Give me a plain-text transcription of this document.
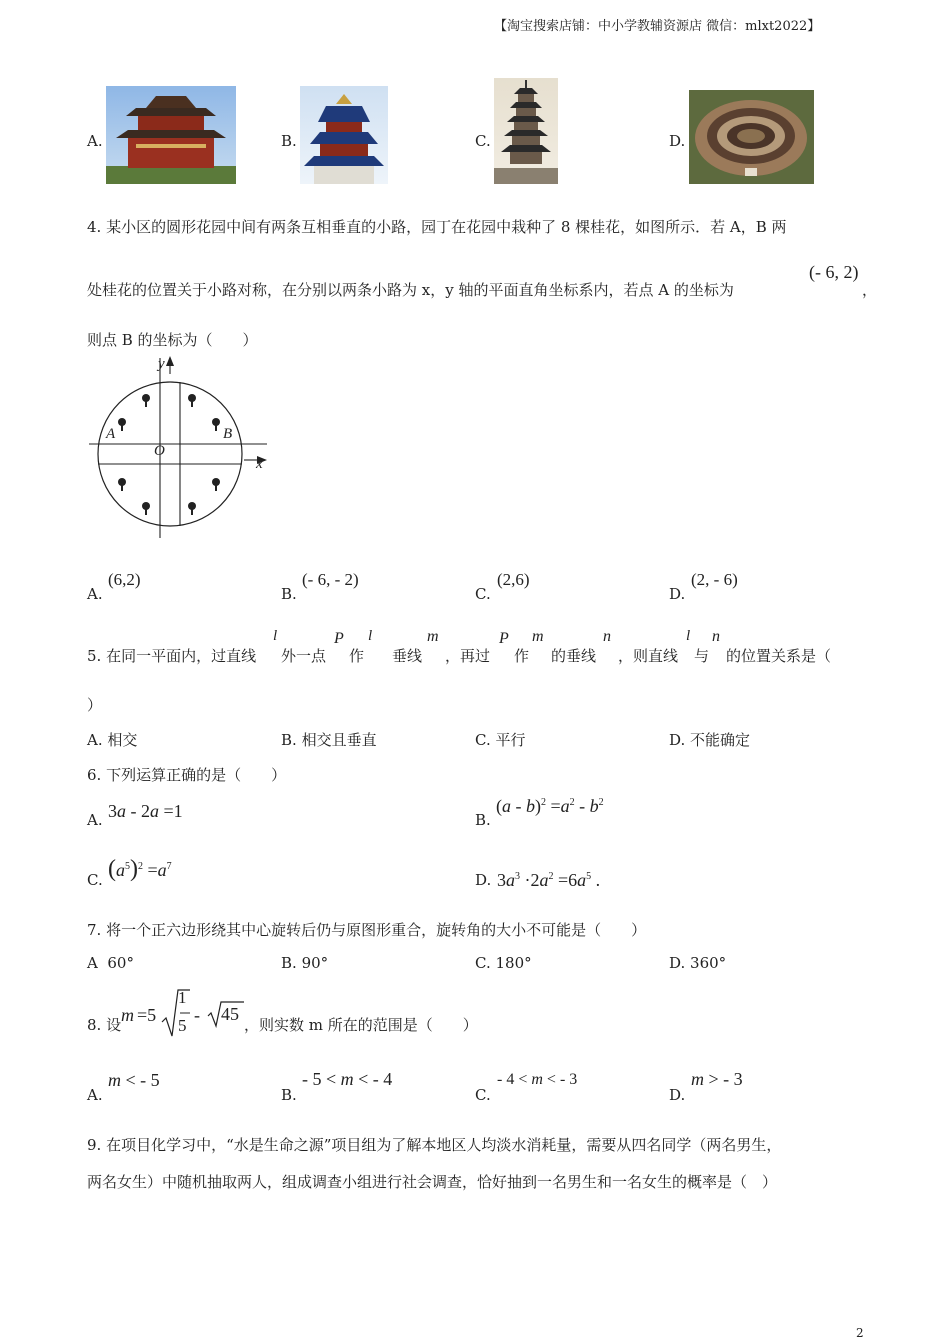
【淘宝搜索店铺：中小学教辅资源店 微信：mlxt2022】
A.	B.	C.	D.
4. 某小区的圆形花园中间有两条互相垂直的小路，园丁在花园中栽种了 8 棵桂花，如图所示．若 A，B 两
处桂花的位置关于小路对称，在分别以两条小路为 x，y 轴的平面直角坐标系内，若点 A 的坐标为
(- 6, 2)
，
则点 B 的坐标为（　　）
y
x
O
A	B
A.
(6,2)
B.
(- 6, - 2)
C.
(2,6)
D.
(2, - 6)
5. 在同一平面内，过直线
l
外一点
P
作
l
垂线
m
，再过
P
作
m
的垂线
n
，则直线
l
与
n
的位置关系是（
）
A. 相交	B. 相交且垂直	C. 平行	D. 不能确定
6. 下列运算正确的是（　　）
A. 3a - 2a =1	B.
$(a - b)^2 =a^2 - b^2$
C. $(a^5)^2 =a^7$
D. $3a^3 \cdot 2a^2 =6a^5$ .
7. 将一个正六边形绕其中心旋转后仍与原图形重合，旋转角的大小不可能是（　　）
A 60°	B. 90°	C. 180°	D. 360°
8. 设 m =5
1
5
- 45
，则实数 m 所在的范围是（　　）
A.
m < - 5
B.
- 5 < m < - 4
C.
- 4 < m < - 3
D.
m > - 3
9. 在项目化学习中，“水是生命之源”项目组为了解本地区人均淡水消耗量，需要从四名同学（两名男生，
两名女生）中随机抽取两人，组成调查小组进行社会调查，恰好抽到一名男生和一名女生的概率是（　）
2
